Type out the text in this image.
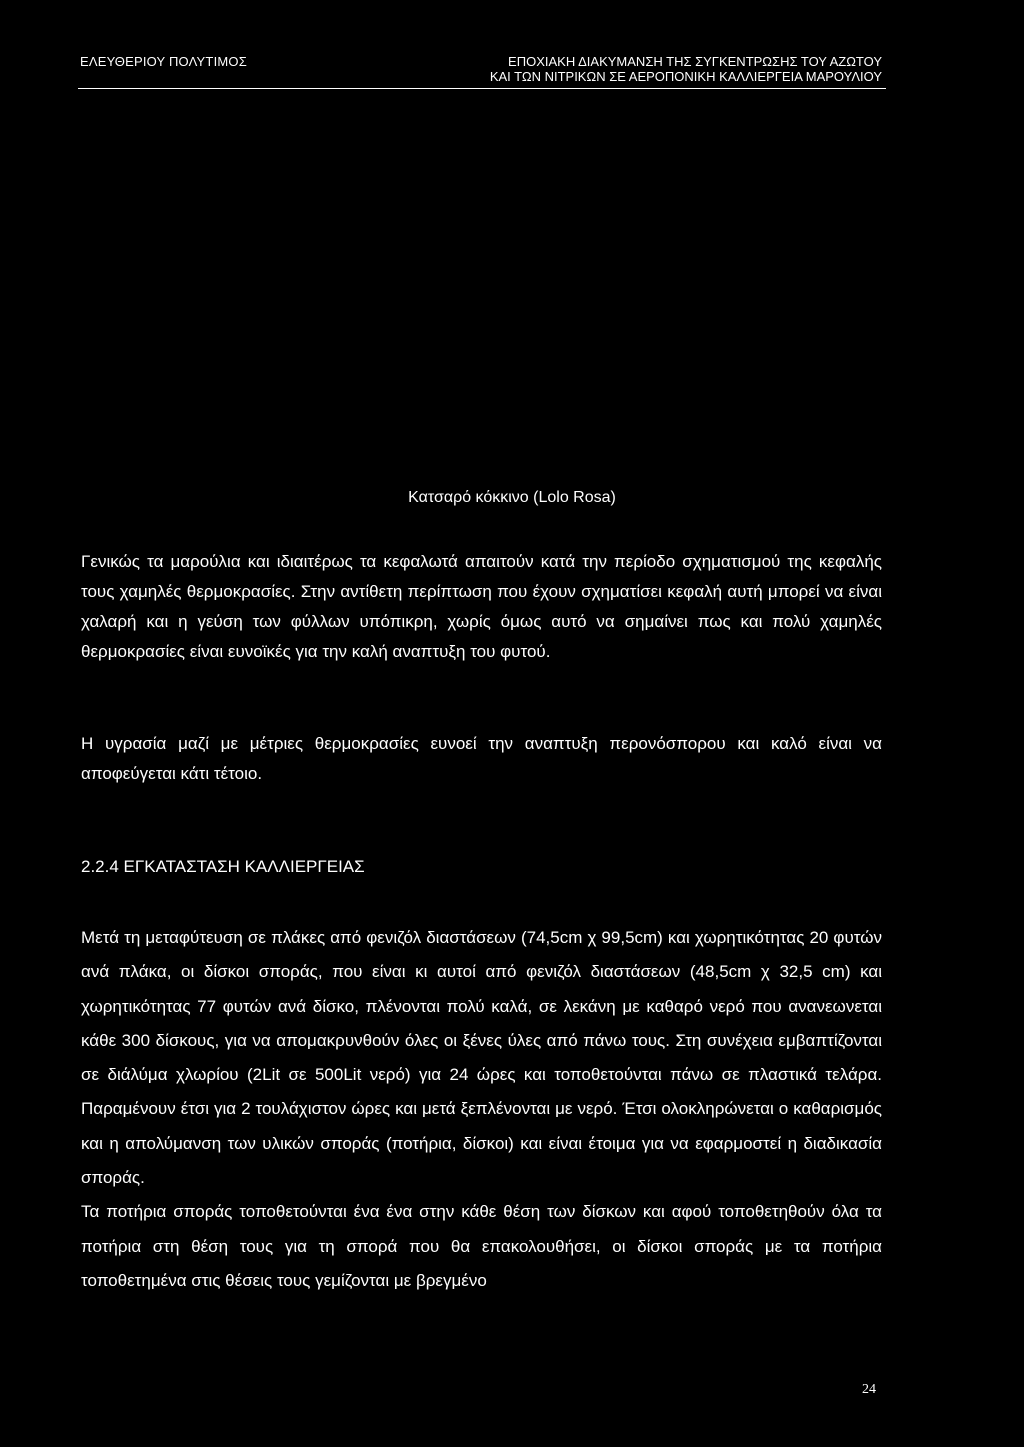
ΕΛΕΥΘΕΡΙΟΥ ΠΟΛΥΤΙΜΟΣ	ΕΠΟΧΙΑΚΗ ΔΙΑΚΥΜΑΝΣΗ ΤΗΣ ΣΥΓΚΕΝΤΡΩΣΗΣ ΤΟΥ ΑΖΩΤΟΥ
ΚΑΙ ΤΩΝ ΝΙΤΡΙΚΩΝ ΣΕ ΑΕΡΟΠΟΝΙΚΗ ΚΑΛΛΙΕΡΓΕΙΑ ΜΑΡΟΥΛΙΟΥ
Κατσαρό κόκκινο (Lolo Rosa)

Γενικώς τα μαρούλια και ιδιαιτέρως τα κεφαλωτά απαιτούν κατά την περίοδο σχηματισμού της κεφαλής τους χαμηλές θερμοκρασίες. Στην αντίθετη περίπτωση που έχουν σχηματίσει κεφαλή αυτή μπορεί να είναι χαλαρή και η γεύση των φύλλων υπόπικρη, χωρίς όμως αυτό να σημαίνει πως και πολύ χαμηλές θερμοκρασίες είναι ευνοϊκές για την καλή αναπτυξη του φυτού.

Η υγρασία μαζί με μέτριες θερμοκρασίες ευνοεί την αναπτυξη περονόσπορου και καλό είναι να αποφεύγεται κάτι τέτοιο.

2.2.4 ΕΓΚΑΤΑΣΤΑΣΗ ΚΑΛΛΙΕΡΓΕΙΑΣ

Μετά τη μεταφύτευση σε πλάκες από φενιζόλ διαστάσεων (74,5cm χ 99,5cm) και χωρητικότητας 20 φυτών ανά πλάκα, οι δίσκοι σποράς, που είναι κι αυτοί από φενιζόλ διαστάσεων (48,5cm χ 32,5 cm) και χωρητικότητας 77 φυτών ανά δίσκο, πλένονται πολύ καλά, σε λεκάνη με καθαρό νερό που ανανεωνεται κάθε 300 δίσκους, για να απομακρυνθούν όλες οι ξένες ύλες από πάνω τους. Στη συνέχεια εμβαπτίζονται σε διάλύμα χλωρίου (2Lit σε 500Lit νερό) για 24 ώρες και τοποθετούνται πάνω σε πλαστικά τελάρα. Παραμένουν έτσι για 2 τουλάχιστον ώρες και μετά ξεπλένονται με νερό. Έτσι ολοκληρώνεται ο καθαρισμός και η απολύμανση των υλικών σποράς (ποτήρια, δίσκοι) και είναι έτοιμα για να εφαρμοστεί η διαδικασία σποράς.

Τα ποτήρια σποράς τοποθετούνται ένα ένα στην κάθε θέση των δίσκων και αφού τοποθετηθούν όλα τα ποτήρια στη θέση τους για τη σπορά που θα επακολουθήσει, οι δίσκοι σποράς με τα ποτήρια τοποθετημένα στις θέσεις τους γεμίζονται με βρεγμένο

24
